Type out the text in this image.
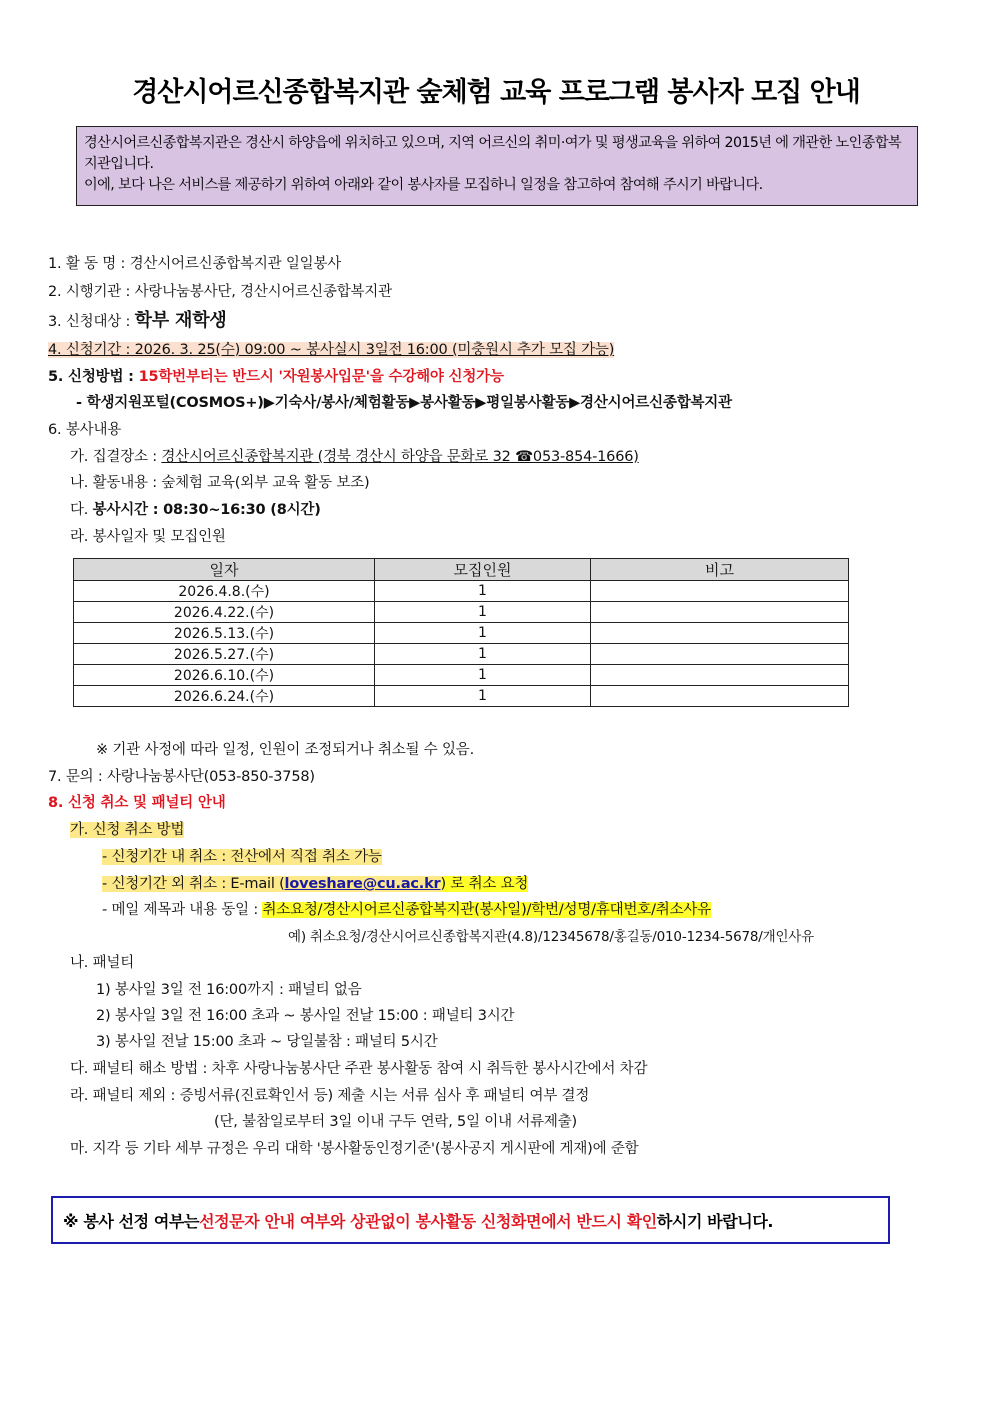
경산시어르신종합복지관 숲체험 교육 프로그램 봉사자 모집 안내
경산시어르신종합복지관은 경산시 하양읍에 위치하고 있으며, 지역 어르신의 취미·여가 및 평생교육을 위하여 2015년 에 개관한 노인종합복지관입니다.
이에, 보다 나은 서비스를 제공하기 위하여 아래와 같이 봉사자를 모집하니 일정을 참고하여 참여해 주시기 바랍니다.
1. 활 동 명 : 경산시어르신종합복지관 일일봉사
2. 시행기관 : 사랑나눔봉사단, 경산시어르신종합복지관
3. 신청대상 : 학부 재학생
4. 신청기간 : 2026. 3. 25(수) 09:00 ~ 봉사실시 3일전 16:00 (미충원시 추가 모집 가능)
5. 신청방법 : 15학번부터는 반드시 '자원봉사입문'을 수강해야 신청가능
- 학생지원포털(COSMOS+)▶기숙사/봉사/체험활동▶봉사활동▶평일봉사활동▶경산시어르신종합복지관
6. 봉사내용
가. 집결장소 : 경산시어르신종합복지관 (경북 경산시 하양읍 문화로 32 ☎053-854-1666)
나. 활동내용 : 숲체험 교육(외부 교육 활동 보조)
다. 봉사시간 : 08:30~16:30 (8시간)
라. 봉사일자 및 모집인원
일자	모집인원	비고
2026.4.8.(수)	1	
2026.4.22.(수)	1	
2026.5.13.(수)	1	
2026.5.27.(수)	1	
2026.6.10.(수)	1	
2026.6.24.(수)	1	
※ 기관 사정에 따라 일정, 인원이 조정되거나 취소될 수 있음.
7. 문의 : 사랑나눔봉사단(053-850-3758)
8. 신청 취소 및 패널티 안내
가. 신청 취소 방법
- 신청기간 내 취소 : 전산에서 직접 취소 가능
- 신청기간 외 취소 : E-mail (loveshare@cu.ac.kr) 로 취소 요청
- 메일 제목과 내용 동일 : 취소요청/경산시어르신종합복지관(봉사일)/학번/성명/휴대번호/취소사유
예) 취소요청/경산시어르신종합복지관(4.8)/12345678/홍길동/010-1234-5678/개인사유
나. 패널티
1) 봉사일 3일 전 16:00까지 : 패널티 없음
2) 봉사일 3일 전 16:00 초과 ~ 봉사일 전날 15:00 : 패널티 3시간
3) 봉사일 전날 15:00 초과 ~ 당일불참 : 패널티 5시간
다. 패널티 해소 방법 : 차후 사랑나눔봉사단 주관 봉사활동 참여 시 취득한 봉사시간에서 차감
라. 패널티 제외 : 증빙서류(진료확인서 등) 제출 시는 서류 심사 후 패널티 여부 결정
(단, 불참일로부터 3일 이내 구두 연락, 5일 이내 서류제출)
마. 지각 등 기타 세부 규정은 우리 대학 '봉사활동인정기준'(봉사공지 게시판에 게재)에 준함
※ 봉사 선정 여부는 선정문자 안내 여부와 상관없이 봉사활동 신청화면에서 반드시 확인 하시기 바랍니다.
